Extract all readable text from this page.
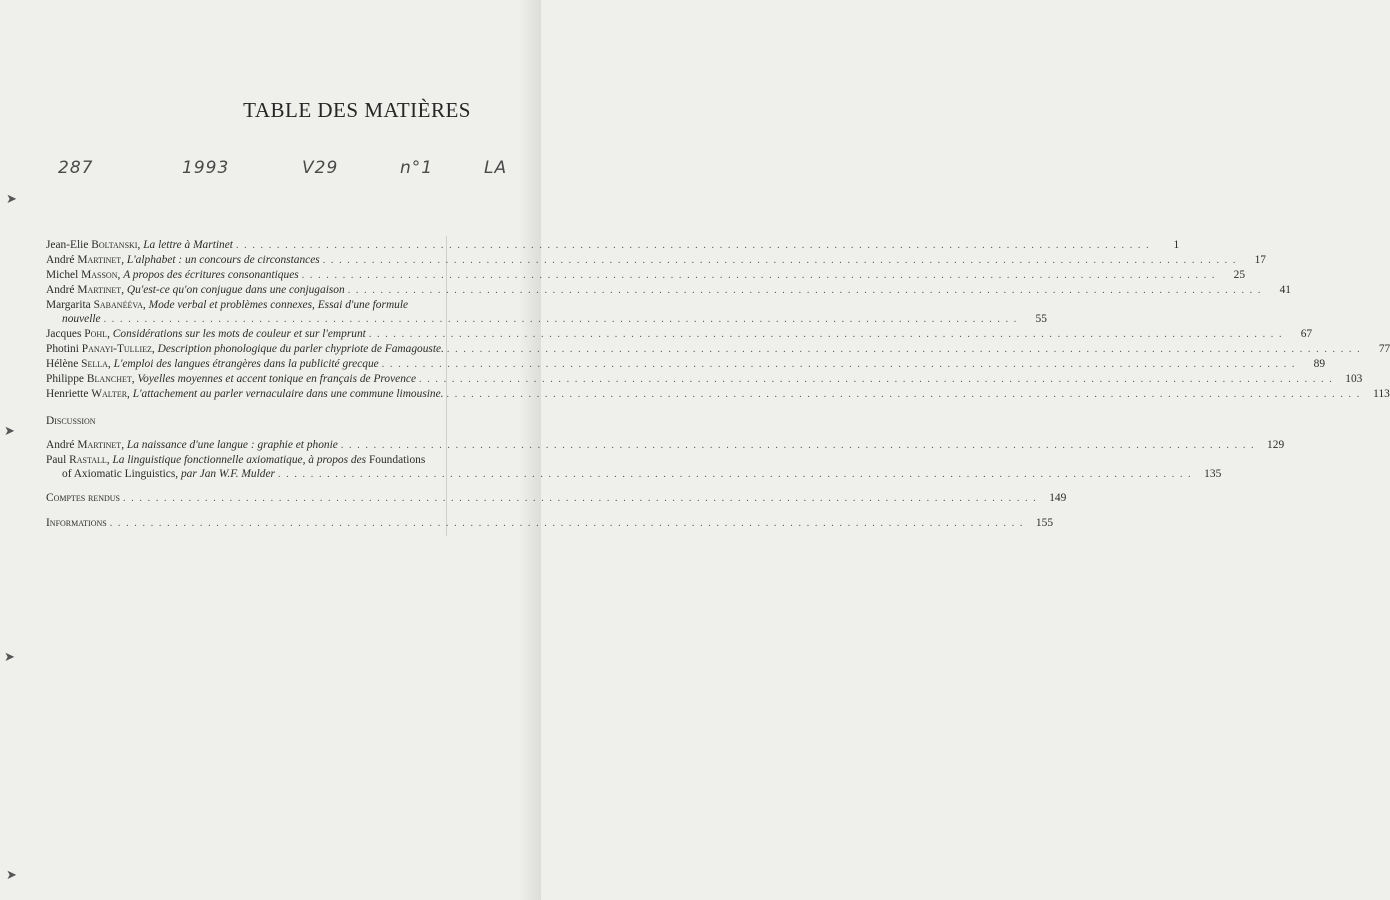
TABLE DES MATIÈRES
287	1993	V29	n°1	LA
➤
➤
➤
➤
Jean-Elie Boltanski, La lettre à Martinet . . .	1
André Martinet, L'alphabet : un concours de circonstances . . .	17
Michel Masson, A propos des écritures consonantiques . . .	25
André Martinet, Qu'est-ce qu'on conjugue dans une conjugaison . . .	41
Margarita Sabanééva, Mode verbal et problèmes connexes, Essai d'une formule
nouvelle . . .	55
Jacques Pohl, Considérations sur les mots de couleur et sur l'emprunt . . .	67
Photini Panayi-Tulliez, Description phonologique du parler chypriote de Famagouste. . . .	77
Hélène Sella, L'emploi des langues étrangères dans la publicité grecque . . .	89
Philippe Blanchet, Voyelles moyennes et accent tonique en français de Provence . . .	103
Henriette Walter, L'attachement au parler vernaculaire dans une commune limousine. . . .	113
Discussion
André Martinet, La naissance d'une langue : graphie et phonie . . .	129
Paul Rastall, La linguistique fonctionnelle axiomatique, à propos des Foundations
of Axiomatic Linguistics, par Jan W.F. Mulder . . .	135
Comptes rendus . . .	149
Informations . . .	155
